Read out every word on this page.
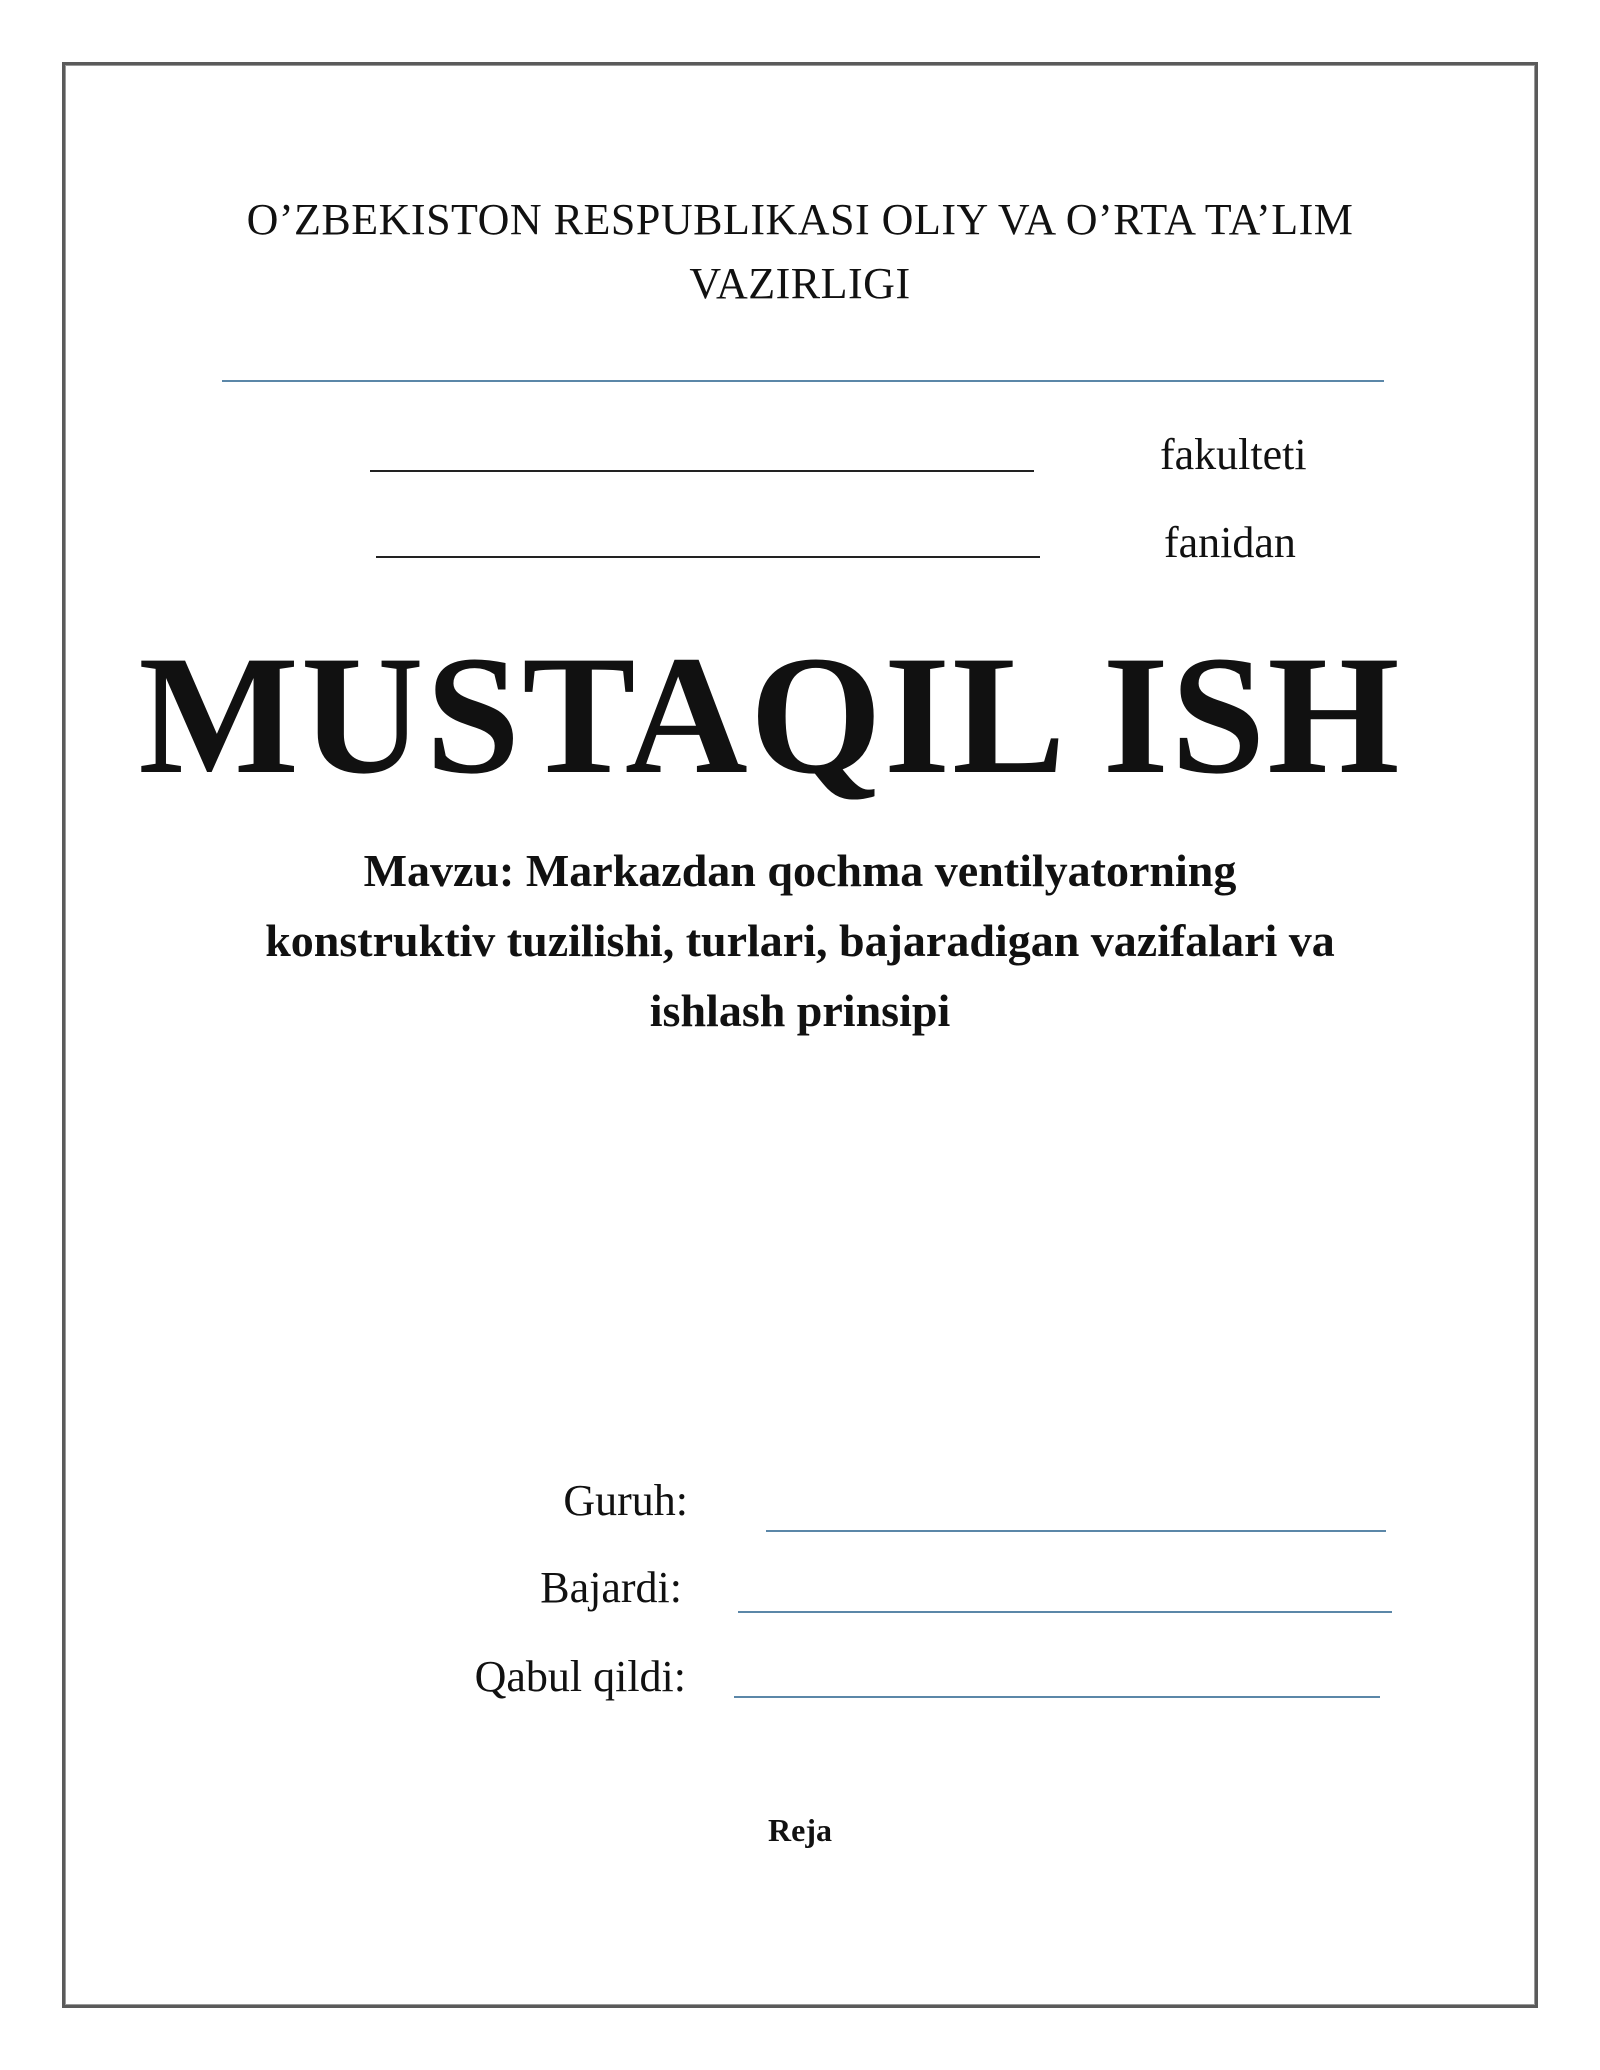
O’ZBEKISTON RESPUBLIKASI OLIY VA O’RTA TA’LIM
VAZIRLIGI
fakulteti
fanidan
MUSTAQIL ISH
Mavzu: Markazdan qochma ventilyatorning
konstruktiv tuzilishi, turlari, bajaradigan vazifalari va
ishlash prinsipi
Guruh:
Bajardi:
Qabul qildi:
Reja
